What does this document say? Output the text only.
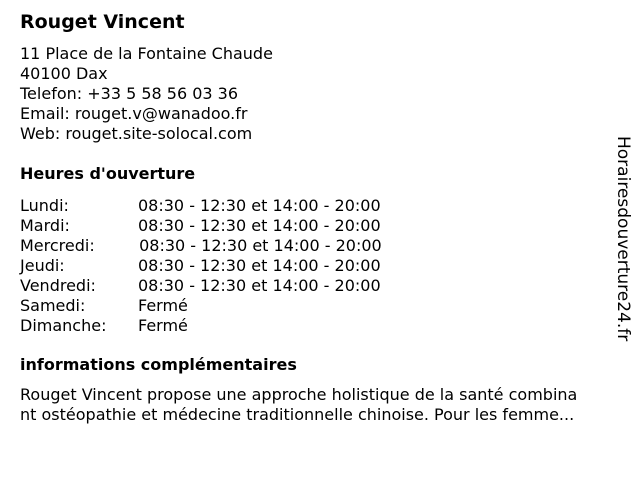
Rouget Vincent
11 Place de la Fontaine Chaude
40100 Dax
Telefon: +33 5 58 56 03 36
Email: rouget.v@wanadoo.fr
Web: rouget.site-solocal.com
Heures d'ouverture
Lundi:	08:30 - 12:30 et 14:00 - 20:00
Mardi:	08:30 - 12:30 et 14:00 - 20:00
Mercredi: 08:30 - 12:30 et 14:00 - 20:00
Jeudi:	08:30 - 12:30 et 14:00 - 20:00
Vendredi:	08:30 - 12:30 et 14:00 - 20:00
Samedi:	Fermé
Dimanche: Fermé
informations complémentaires
Rouget Vincent propose une approche holistique de la santé combina
nt ostéopathie et médecine traditionnelle chinoise. Pour les femme...
Horairesdouverture24.fr
